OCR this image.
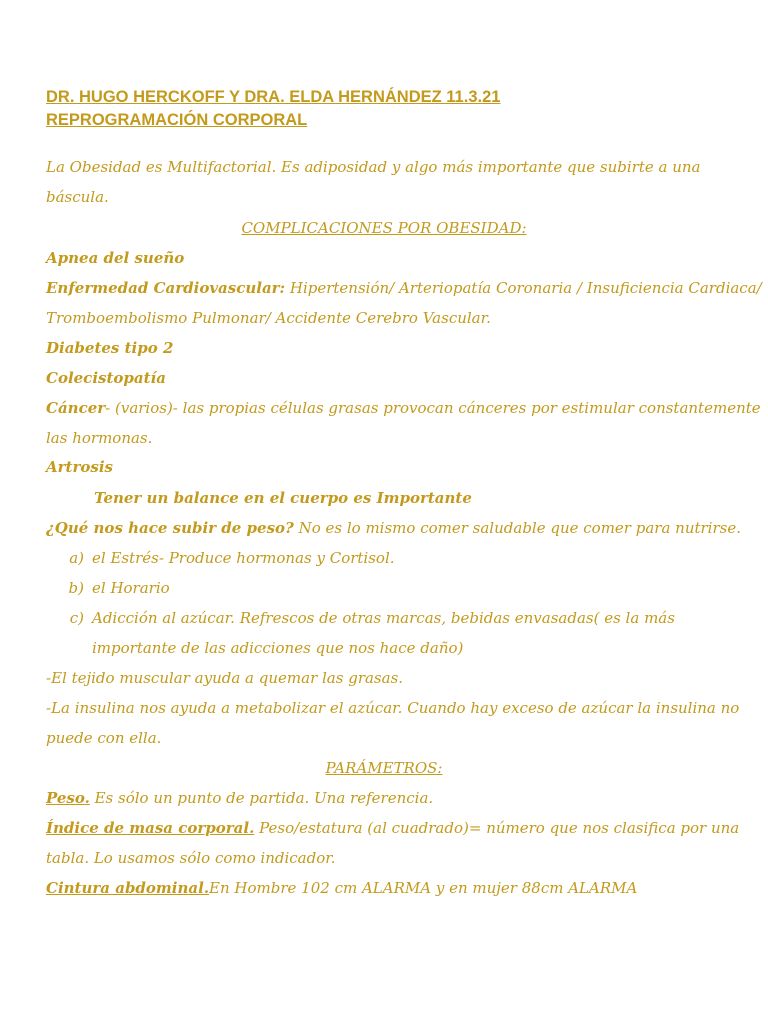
DR. HUGO HERCKOFF Y DRA. ELDA HERNÁNDEZ 11.3.21
REPROGRAMACIÓN CORPORAL
La Obesidad es Multifactorial. Es adiposidad y algo más importante que subirte a una
báscula.
COMPLICACIONES POR OBESIDAD:
Apnea del sueño
Enfermedad Cardiovascular: Hipertensión/ Arteriopatía Coronaria / Insuficiencia Cardiaca/
Tromboembolismo Pulmonar/ Accidente Cerebro Vascular.
Diabetes tipo 2
Colecistopatía
Cáncer- (varios)- las propias células grasas provocan cánceres por estimular constantemente
las hormonas.
Artrosis
Tener un balance en el cuerpo es Importante
¿Qué nos hace subir de peso? No es lo mismo comer saludable que comer para nutrirse.
a) el Estrés- Produce hormonas y Cortisol.
b) el Horario
c) Adicción al azúcar. Refrescos de otras marcas, bebidas envasadas( es la más
importante de las adicciones que nos hace daño)
-El tejido muscular ayuda a quemar las grasas.
-La insulina nos ayuda a metabolizar el azúcar. Cuando hay exceso de azúcar la insulina no
puede con ella.
PARÁMETROS:
Peso. Es sólo un punto de partida. Una referencia.
Índice de masa corporal. Peso/estatura (al cuadrado)= número que nos clasifica por una
tabla. Lo usamos sólo como indicador.
Cintura abdominal.En Hombre 102 cm ALARMA y en mujer 88cm ALARMA
